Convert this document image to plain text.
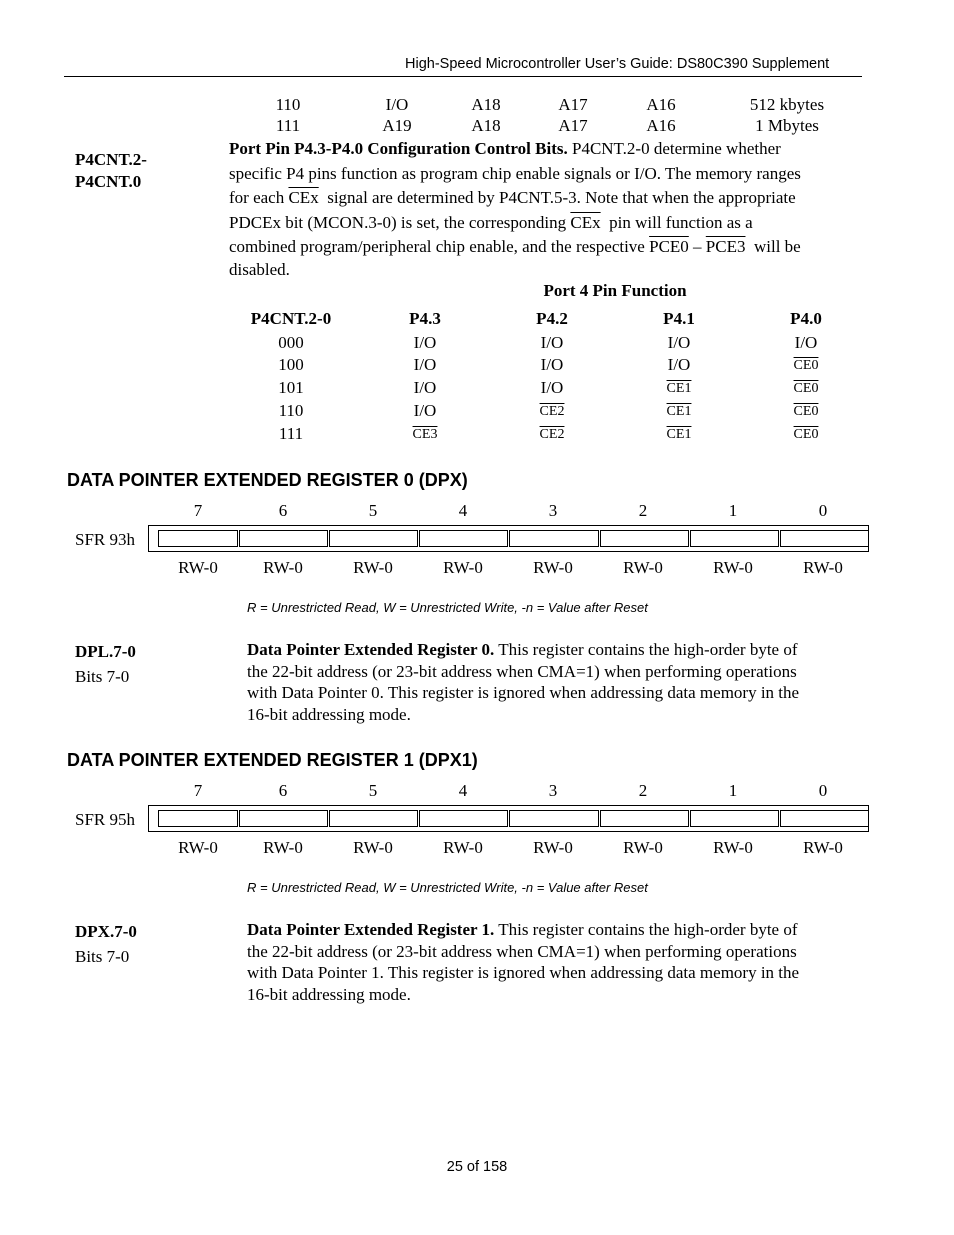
High-Speed Microcontroller User’s Guide: DS80C390 Supplement
110	I/O	A18	A17	A16	512 kbytes
111	A19	A18	A17	A16	1 Mbytes
P4CNT.2-
P4CNT.0
Port Pin P4.3-P4.0 Configuration Control Bits. P4CNT.2-0 determine whether
specific P4 pins function as program chip enable signals or I/O. The memory ranges
for each $\overline{CEx}$  signal are determined by P4CNT.5-3. Note that when the appropriate
PDCEx bit (MCON.3-0) is set, the corresponding $\overline{CEx}$  pin will function as a
combined program/peripheral chip enable, and the respective PCE0 – PCE3  will be
disabled.
Port 4 Pin Function
P4CNT.2-0	P4.3	P4.2	P4.1	P4.0
000	I/O	I/O	I/O	I/O
100	I/O	I/O	I/O	CE0
101	I/O	I/O	CE1	CE0
110	I/O	CE2	CE1	CE0
111	CE3	CE2	CE1	CE0
DATA POINTER EXTENDED REGISTER 0 (DPX)
7	6	5	4	3	2	1	0
SFR 93h
RW-0	RW-0	RW-0	RW-0	RW-0	RW-0	RW-0	RW-0
R = Unrestricted Read, W = Unrestricted Write, -n = Value after Reset
DPL.7-0
Bits 7-0
Data Pointer Extended Register 0. This register contains the high-order byte of
the 22-bit address (or 23-bit address when CMA=1) when performing operations
with Data Pointer 0. This register is ignored when addressing data memory in the
16-bit addressing mode.
DATA POINTER EXTENDED REGISTER 1 (DPX1)
7	6	5	4	3	2	1	0
SFR 95h
RW-0	RW-0	RW-0	RW-0	RW-0	RW-0	RW-0	RW-0
R = Unrestricted Read, W = Unrestricted Write, -n = Value after Reset
DPX.7-0
Bits 7-0
Data Pointer Extended Register 1. This register contains the high-order byte of
the 22-bit address (or 23-bit address when CMA=1) when performing operations
with Data Pointer 1. This register is ignored when addressing data memory in the
16-bit addressing mode.
25 of 158
